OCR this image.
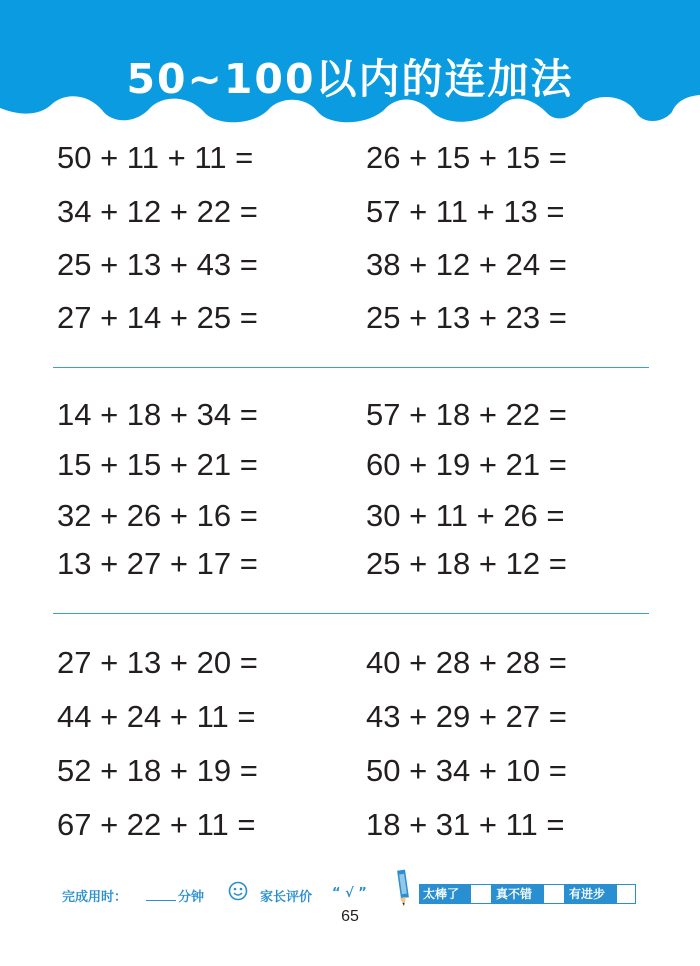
50~100以内的连加法
50 + 11 + 11 =
34 + 12 + 22 =
25 + 13 + 43 =
27 + 14 + 25 =
26 + 15 + 15 =
57 + 11 + 13 =
38 + 12 + 24 =
25 + 13 + 23 =
14 + 18 + 34 =
15 + 15 + 21 =
32 + 26 + 16 =
13 + 27 + 17 =
57 + 18 + 22 =
60 + 19 + 21 =
30 + 11 + 26 =
25 + 18 + 12 =
27 + 13 + 20 =
44 + 24 + 11 =
52 + 18 + 19 =
67 + 22 + 11 =
40 + 28 + 28 =
43 + 29 + 27 =
50 + 34 + 10 =
18 + 31 + 11 =
完成用时：	分钟	家长评价 “ √ ”	太棒了	真不错	有进步
65
